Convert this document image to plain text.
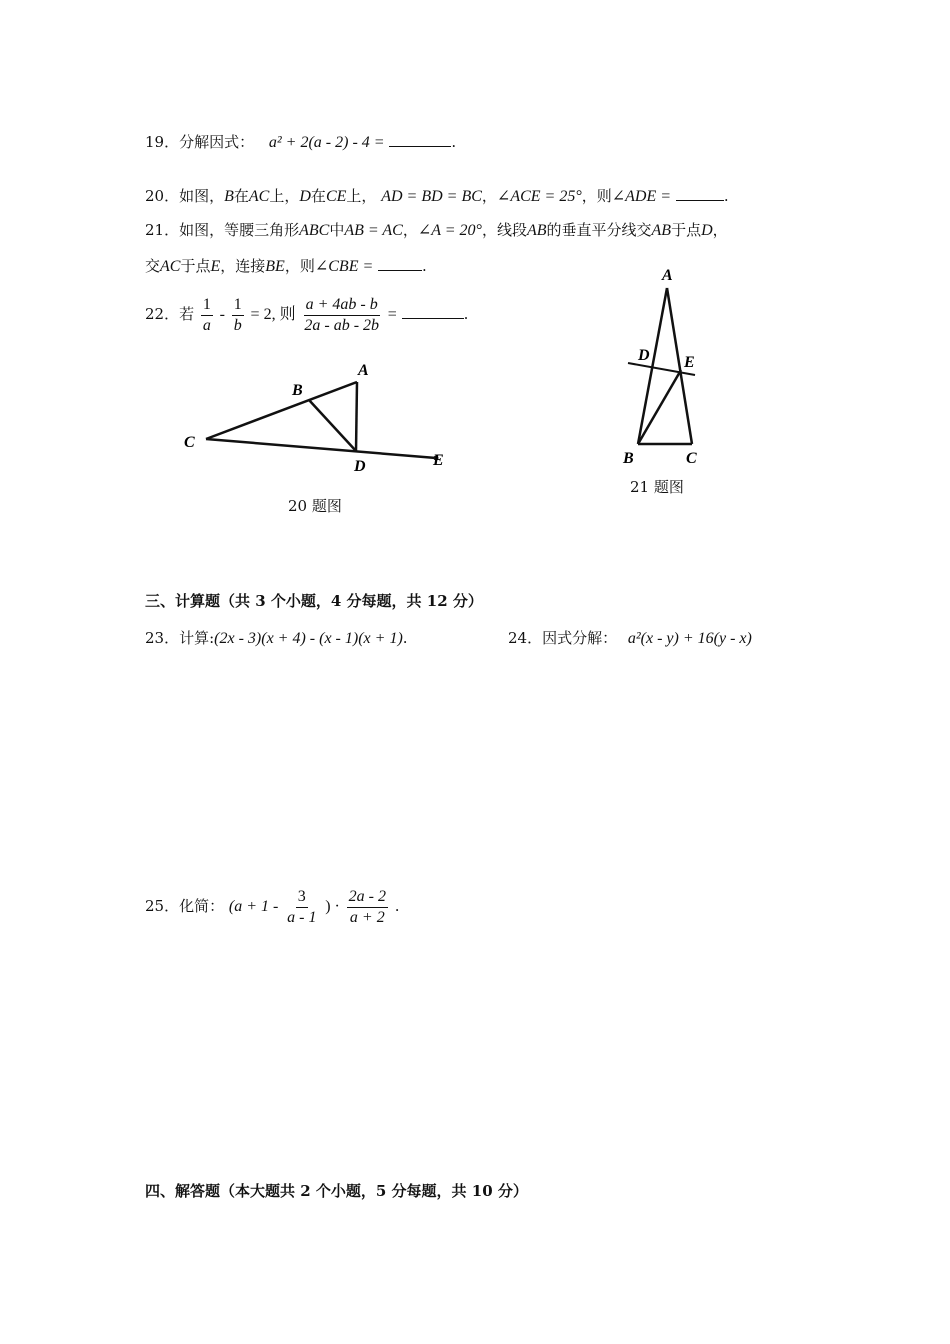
19．分解因式： a² + 2(a - 2) - 4 =	.
20．如图，B在AC上，D在CE上， AD = BD = BC，∠ACE = 25°，则∠ADE =	.
21．如图，等腰三角形ABC中AB = AC，∠A = 20°，线段AB的垂直平分线交AB于点D，
交AC于点E，连接BE，则∠CBE =	.
22．若 $\frac{1}{a} - \frac{1}{b} = 2$, 则 $\frac{a + 4ab - b}{2a - ab - 2b}$ =	.
A
B
C
D	E
20 题图
A
D E
B	C
21 题图
三、计算题（共 3 个小题，4 分每题，共 12 分）
23．计算:(2x - 3)(x + 4) - (x - 1)(x + 1).	24．因式分解： a²(x - y) + 16(y - x)
25．化简： ($a + 1 - \frac{3}{a - 1}$ ) · $\frac{2a - 2}{a + 2}$ .
四、解答题（本大题共 2 个小题，5 分每题，共 10 分）
